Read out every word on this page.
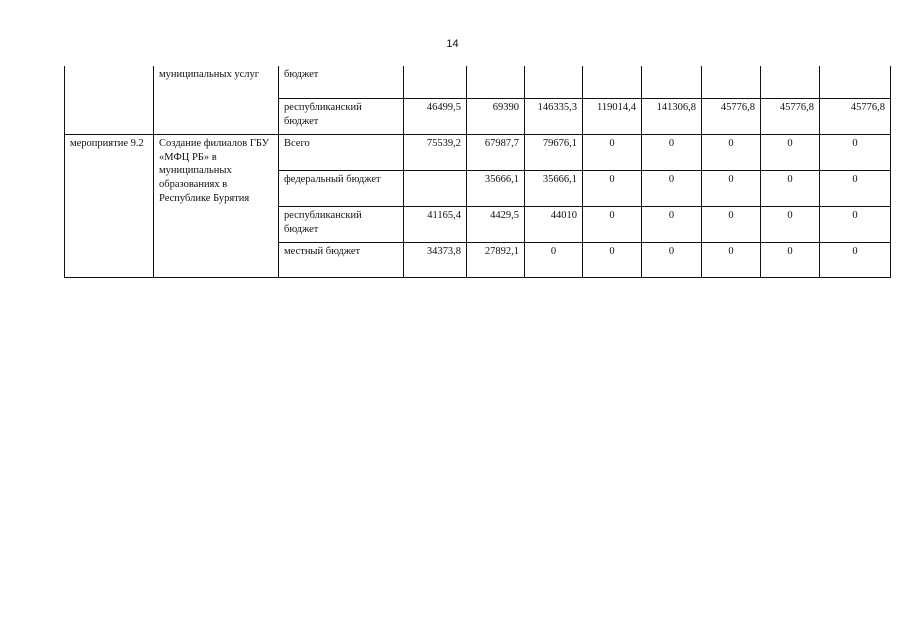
14
	муниципальных услуг	бюджет								
		республиканский бюджет	46499,5	69390	146335,3	119014,4	141306,8	45776,8	45776,8	45776,8
мероприятие 9.2	Создание филиалов ГБУ «МФЦ РБ» в муниципальных образованиях в Республике Бурятия	Всего	75539,2	67987,7	79676,1	0	0	0	0	0
		федеральный бюджет		35666,1	35666,1	0	0	0	0	0
		республиканский бюджет	41165,4	4429,5	44010	0	0	0	0	0
		местный бюджет	34373,8	27892,1	0	0	0	0	0	0
